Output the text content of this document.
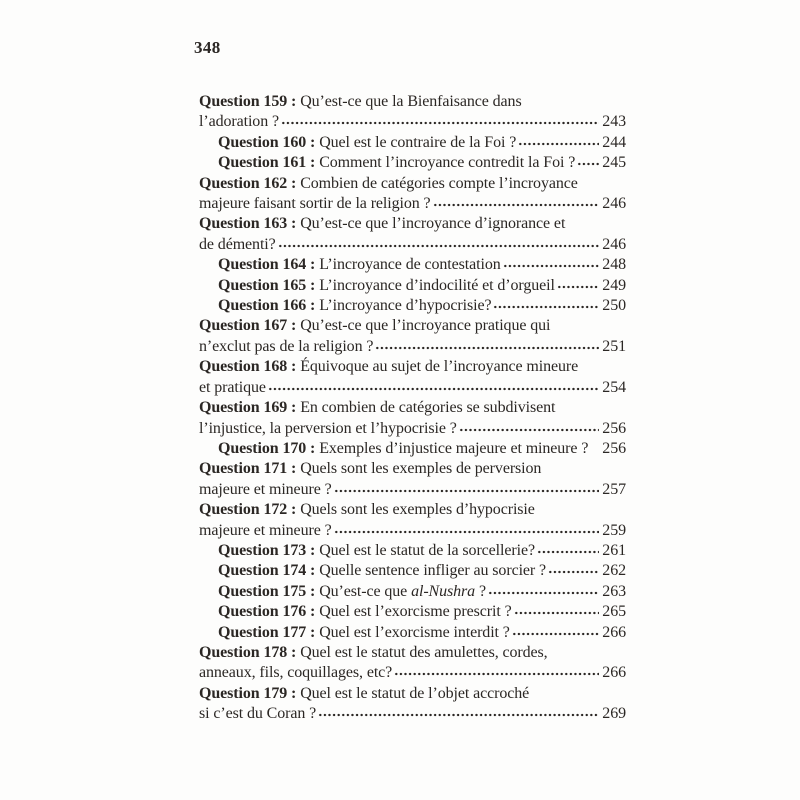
348
Question 159 : Qu’est-ce que la Bienfaisance dans
l’adoration ?	243
Question 160 : Quel est le contraire de la Foi ?	244
Question 161 : Comment l’incroyance contredit la Foi ? 245
Question 162 : Combien de catégories compte l’incroyance
majeure faisant sortir de la religion ?	246
Question 163 : Qu’est-ce que l’incroyance d’ignorance et
de démenti?	246
Question 164 : L’incroyance de contestation	248
Question 165 : L’incroyance d’indocilité et d’orgueil	249
Question 166 : L’incroyance d’hypocrisie?	250
Question 167 : Qu’est-ce que l’incroyance pratique qui
n’exclut pas de la religion ?	251
Question 168 : Équivoque au sujet de l’incroyance mineure
et pratique	254
Question 169 : En combien de catégories se subdivisent
l’injustice, la perversion et l’hypocrisie ?	256
Question 170 : Exemples d’injustice majeure et mineure ? 256
Question 171 : Quels sont les exemples de perversion
majeure et mineure ?	257
Question 172 : Quels sont les exemples d’hypocrisie
majeure et mineure ?	259
Question 173 : Quel est le statut de la sorcellerie?	261
Question 174 : Quelle sentence infliger au sorcier ?	262
Question 175 : Qu’est-ce que al-Nushra ?	263
Question 176 : Quel est l’exorcisme prescrit ?	265
Question 177 : Quel est l’exorcisme interdit ?	266
Question 178 : Quel est le statut des amulettes, cordes,
anneaux, fils, coquillages, etc?	266
Question 179 : Quel est le statut de l’objet accroché
si c’est du Coran ?	269
